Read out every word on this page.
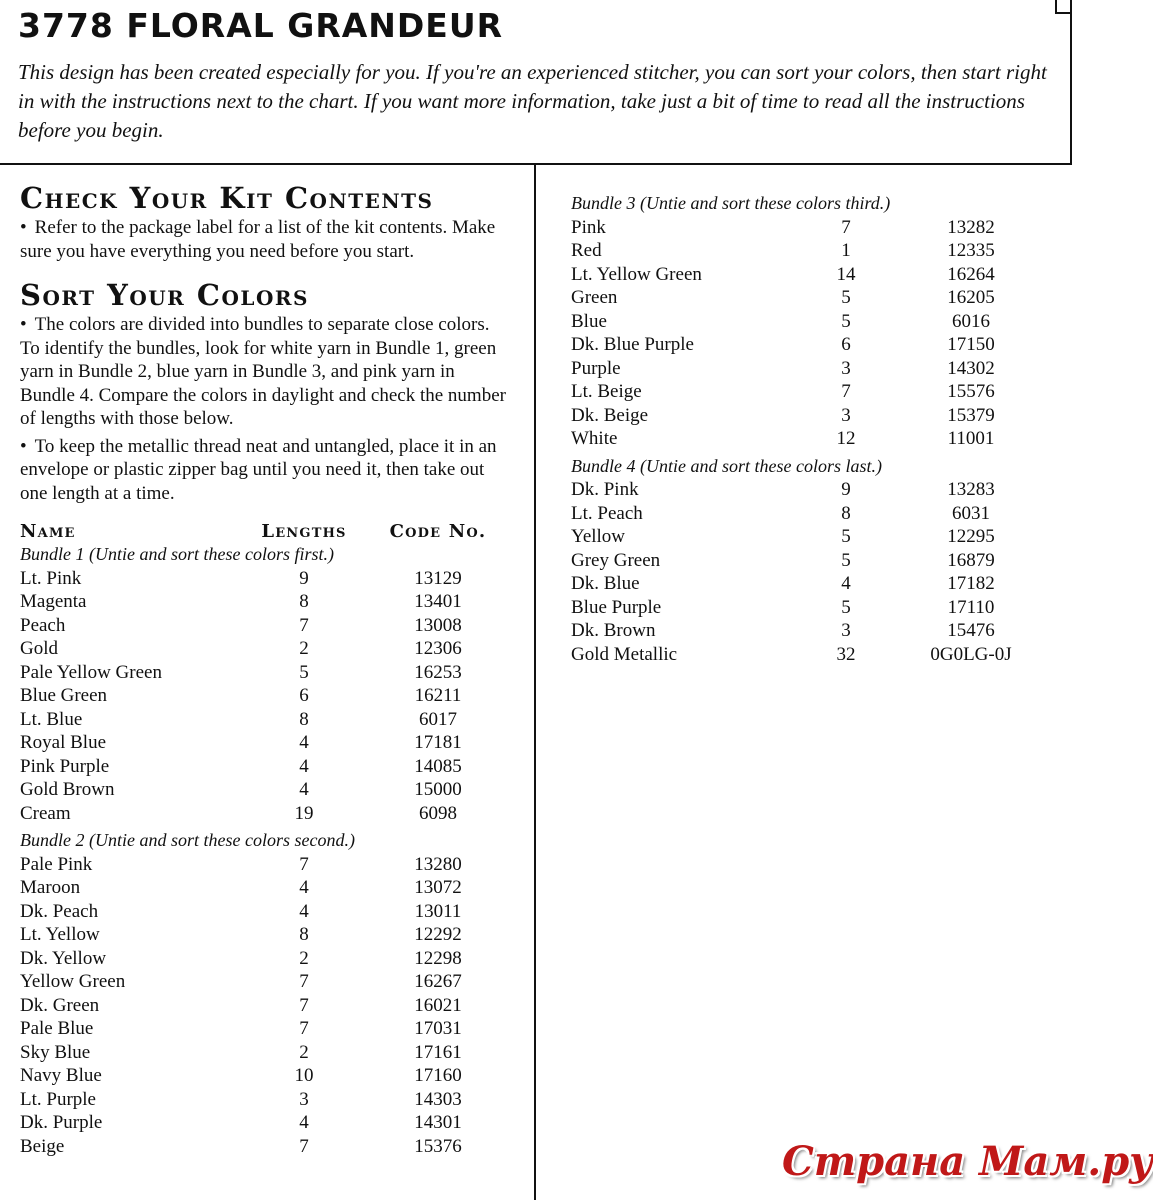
3778 FLORAL GRANDEUR

This design has been created especially for you. If you're an experienced stitcher, you can sort your colors, then start right in with the instructions next to the chart. If you want more information, take just a bit of time to read all the instructions before you begin.

Check Your Kit Contents

• Refer to the package label for a list of the kit contents. Make sure you have everything you need before you start.

Sort Your Colors

• The colors are divided into bundles to separate close colors. To identify the bundles, look for white yarn in Bundle 1, green yarn in Bundle 2, blue yarn in Bundle 3, and pink yarn in Bundle 4. Compare the colors in daylight and check the number of lengths with those below.

• To keep the metallic thread neat and untangled, place it in an envelope or plastic zipper bag until you need it, then take out one length at a time.

Name	Lengths	Code No.

Bundle 1 (Untie and sort these colors first.)

Lt. Pink	9	13129
Magenta	8	13401
Peach	7	13008
Gold	2	12306
Pale Yellow Green	5	16253
Blue Green	6	16211
Lt. Blue	8	6017
Royal Blue	4	17181
Pink Purple	4	14085
Gold Brown	4	15000
Cream	19	6098

Bundle 2 (Untie and sort these colors second.)

Pale Pink	7	13280
Maroon	4	13072
Dk. Peach	4	13011
Lt. Yellow	8	12292
Dk. Yellow	2	12298
Yellow Green	7	16267
Dk. Green	7	16021
Pale Blue	7	17031
Sky Blue	2	17161
Navy Blue	10	17160
Lt. Purple	3	14303
Dk. Purple	4	14301
Beige	7	15376

Bundle 3 (Untie and sort these colors third.)

Pink	7	13282
Red	1	12335
Lt. Yellow Green	14	16264
Green	5	16205
Blue	5	6016
Dk. Blue Purple	6	17150
Purple	3	14302
Lt. Beige	7	15576
Dk. Beige	3	15379
White	12	11001

Bundle 4 (Untie and sort these colors last.)

Dk. Pink	9	13283
Lt. Peach	8	6031
Yellow	5	12295
Grey Green	5	16879
Dk. Blue	4	17182
Blue Purple	5	17110
Dk. Brown	3	15476
Gold Metallic	32	0G0LG-0J

Страна Мам.ру
